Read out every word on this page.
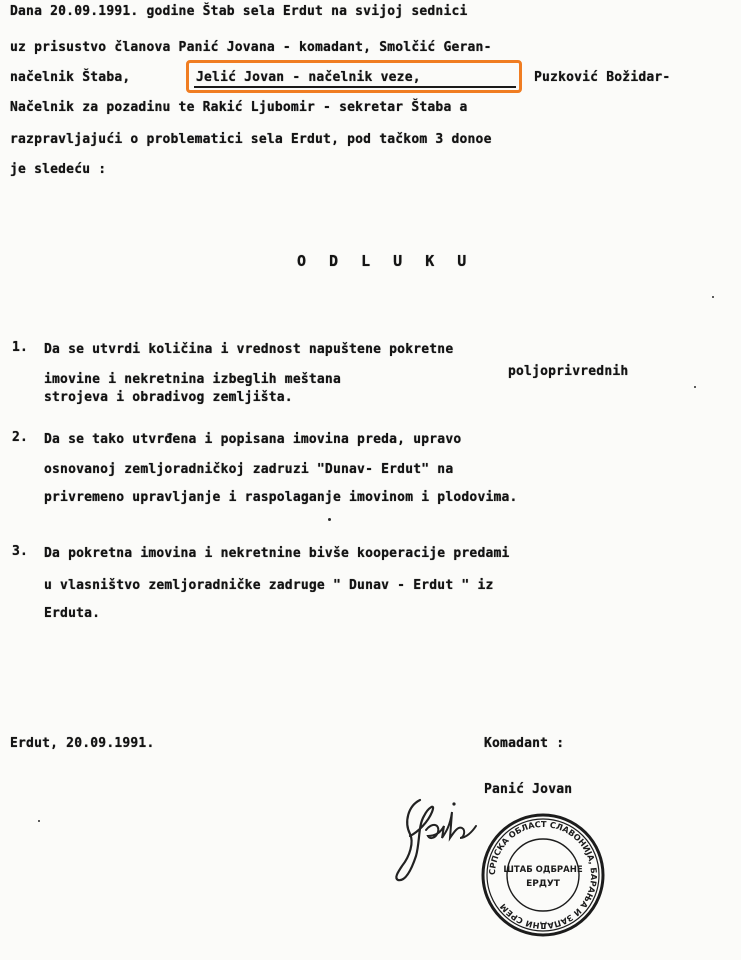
Dana 20.09.1991. godine Štab sela Erdut na svijoj sednici
uz prisustvo članova Panić Jovana - komadant, Smolčić Geran-
načelnik Štaba,	Jelić Jovan - načelnik veze,	Puzković Božidar-
Načelnik za pozadinu te Rakić Ljubomir - sekretar Štaba a
razpravljajući o problematici sela Erdut, pod tačkom 3 donoe
je sledeću :
O D L U K U
1. Da se utvrdi količina i vrednost napuštene pokretne
imovine i nekretnina izbeglih meštana
poljoprivrednih
strojeva i obradivog zemljišta.
2. Da se tako utvrđena i popisana imovina preda, upravo
osnovanoj zemljoradničkoj zadruzi "Dunav- Erdut" na
privremeno upravljanje i raspolaganje imovinom i plodovima.
3. Da pokretna imovina i nekretnine bivše kooperacije predami
u vlasništvo zemljoradničke zadruge " Dunav - Erdut " iz
Erduta.
Erdut, 20.09.1991.	Komadant :
Panić Jovan
СРПСКА ОБЛАСТ СЛАВОНИЈА, БАРАЊА И ЗАПАДНИ СРЕМ
ШТАБ ОДБРАНЕ
ЕРДУТ
